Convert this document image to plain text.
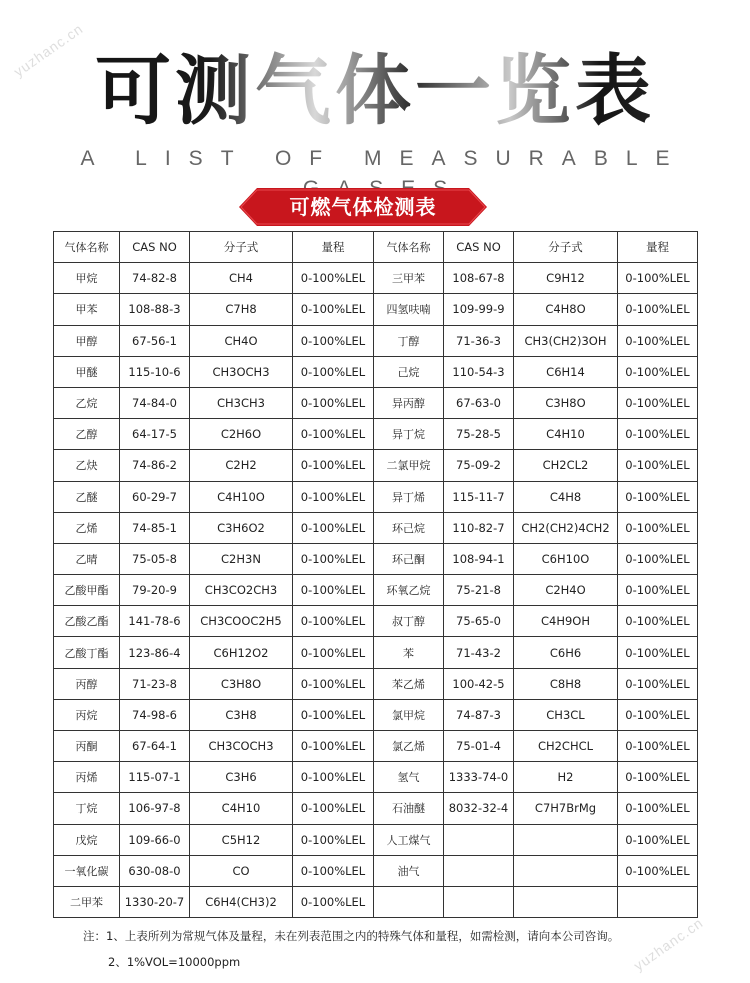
yuzhanc.cn
可测气体一览表
A LIST OF MEASURABLE
可燃气体检测表
气体名称	CAS NO	分子式	量程	气体名称	CAS NO	分子式	量程
甲烷	74-82-8	CH4	0-100%LEL	三甲苯	108-67-8	C9H12	0-100%LEL
甲苯	108-88-3	C7H8	0-100%LEL	四氢呋喃	109-99-9	C4H8O	0-100%LEL
甲醇	67-56-1	CH4O	0-100%LEL	丁醇	71-36-3	CH3(CH2)3OH	0-100%LEL
甲醚	115-10-6	CH3OCH3	0-100%LEL	己烷	110-54-3	C6H14	0-100%LEL
乙烷	74-84-0	CH3CH3	0-100%LEL	异丙醇	67-63-0	C3H8O	0-100%LEL
乙醇	64-17-5	C2H6O	0-100%LEL	异丁烷	75-28-5	C4H10	0-100%LEL
乙炔	74-86-2	C2H2	0-100%LEL	二氯甲烷	75-09-2	CH2CL2	0-100%LEL
乙醚	60-29-7	C4H10O	0-100%LEL	异丁烯	115-11-7	C4H8	0-100%LEL
乙烯	74-85-1	C3H6O2	0-100%LEL	环己烷	110-82-7	CH2(CH2)4CH2	0-100%LEL
乙晴	75-05-8	C2H3N	0-100%LEL	环己酮	108-94-1	C6H10O	0-100%LEL
乙酸甲酯	79-20-9	CH3CO2CH3	0-100%LEL	环氧乙烷	75-21-8	C2H4O	0-100%LEL
乙酸乙酯	141-78-6	CH3COOC2H5	0-100%LEL	叔丁醇	75-65-0	C4H9OH	0-100%LEL
乙酸丁酯	123-86-4	C6H12O2	0-100%LEL	苯	71-43-2	C6H6	0-100%LEL
丙醇	71-23-8	C3H8O	0-100%LEL	苯乙烯	100-42-5	C8H8	0-100%LEL
丙烷	74-98-6	C3H8	0-100%LEL	氯甲烷	74-87-3	CH3CL	0-100%LEL
丙酮	67-64-1	CH3COCH3	0-100%LEL	氯乙烯	75-01-4	CH2CHCL	0-100%LEL
丙烯	115-07-1	C3H6	0-100%LEL	氢气	1333-74-0	H2	0-100%LEL
丁烷	106-97-8	C4H10	0-100%LEL	石油醚	8032-32-4	C7H7BrMg	0-100%LEL
戊烷	109-66-0	C5H12	0-100%LEL	人工煤气			0-100%LEL
一氧化碳	630-08-0	CO	0-100%LEL	油气			0-100%LEL
二甲苯	1330-20-7	C6H4(CH3)2	0-100%LEL				
注：1、上表所列为常规气体及量程，未在列表范围之内的特殊气体和量程，如需检测，请向本公司咨询。
2、1%VOL=10000ppm
